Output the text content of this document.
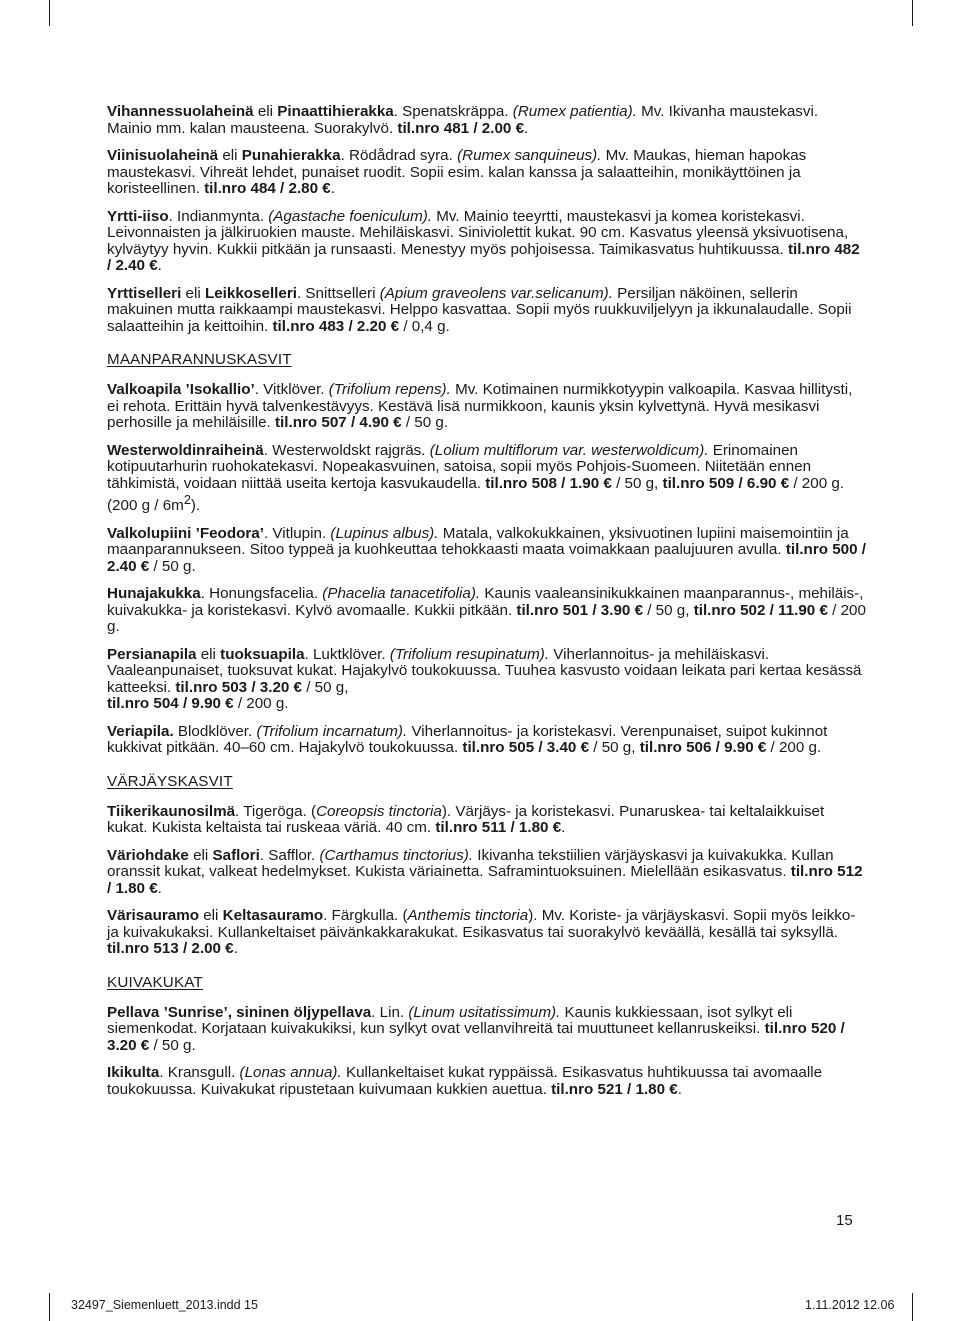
Vihannessuolaheinä eli Pinaattihierakka. Spenatskräppa. (Rumex patientia). Mv. Ikivanha maustekasvi. Mainio mm. kalan mausteena. Suorakylvö. til.nro 481 / 2.00 €.

Viinisuolaheinä eli Punahierakka. Rödådrad syra. (Rumex sanquineus). Mv. Maukas, hieman hapokas maustekasvi. Vihreät lehdet, punaiset ruodit. Sopii esim. kalan kanssa ja salaatteihin, monikäyttöinen ja koristeellinen. til.nro 484 / 2.80 €.

Yrtti-iiso. Indianmynta. (Agastache foeniculum). Mv. Mainio teeyrtti, maustekasvi ja komea koristekasvi. Leivonnaisten ja jälkiruokien mauste. Mehiläiskasvi. Siniviolettit kukat. 90 cm. Kasvatus yleensä yksivuotisena, kylväytyy hyvin. Kukkii pitkään ja runsaasti. Menestyy myös pohjoisessa. Taimikasvatus huhtikuussa. til.nro 482 / 2.40 €.

Yrttiselleri eli Leikkoselleri. Snittselleri (Apium graveolens var.selicanum). Persiljan näköinen, sellerin makuinen mutta raikkaampi maustekasvi. Helppo kasvattaa. Sopii myös ruukkuviljelyyn ja ikkunalaudalle. Sopii salaatteihin ja keittoihin. til.nro 483 / 2.20 € / 0,4 g.

MAANPARANNUSKASVIT

Valkoapila ’Isokallio’. Vitklöver. (Trifolium repens). Mv. Kotimainen nurmikkotyypin valkoapila. Kasvaa hillitysti, ei rehota. Erittäin hyvä talvenkestävyys. Kestävä lisä nurmikkoon, kaunis yksin kylvettynä. Hyvä mesikasvi perhosille ja mehiläisille. til.nro 507 / 4.90 € / 50 g.

Westerwoldinraiheinä. Westerwoldskt rajgräs. (Lolium multiflorum var. westerwoldicum). Erinomainen kotipuutarhurin ruohokatekasvi. Nopeakasvuinen, satoisa, sopii myös Pohjois-Suomeen. Niitetään ennen tähkimistä, voidaan niittää useita kertoja kasvukaudella. til.nro 508 / 1.90 € / 50 g, til.nro 509 / 6.90 € / 200 g. (200 g / $6m^2$).

Valkolupiini ’Feodora’. Vitlupin. (Lupinus albus). Matala, valkokukkainen, yksivuotinen lupiini maisemointiin ja maanparannukseen. Sitoo typpeä ja kuohkeuttaa tehokkaasti maata voimakkaan paalujuuren avulla. til.nro 500 / 2.40 € / 50 g.

Hunajakukka. Honungsfacelia. (Phacelia tanacetifolia). Kaunis vaaleansinikukkainen maanparannus-, mehiläis-, kuivakukka- ja koristekasvi. Kylvö avomaalle. Kukkii pitkään. til.nro 501 / 3.90 € / 50 g, til.nro 502 / 11.90 € / 200 g.

Persianapila eli tuoksuapila. Luktklöver. (Trifolium resupinatum). Viherlannoitus- ja mehiläiskasvi. Vaaleanpunaiset, tuoksuvat kukat. Hajakylvö toukokuussa. Tuuhea kasvusto voidaan leikata pari kertaa kesässä katteeksi. til.nro 503 / 3.20 € / 50 g,
til.nro 504 / 9.90 € / 200 g.

Veriapila. Blodklöver. (Trifolium incarnatum). Viherlannoitus- ja koristekasvi. Verenpunaiset, suipot kukinnot kukkivat pitkään. 40–60 cm. Hajakylvö toukokuussa. til.nro 505 / 3.40 € / 50 g, til.nro 506 / 9.90 € / 200 g.

VÄRJÄYSKASVIT

Tiikerikaunosilmä. Tigeröga. (Coreopsis tinctoria). Värjäys- ja koristekasvi. Punaruskea- tai keltalaikkuiset kukat. Kukista keltaista tai ruskeaa väriä. 40 cm. til.nro 511 / 1.80 €.

Väriohdake eli Saflori. Safflor. (Carthamus tinctorius). Ikivanha tekstiilien värjäyskasvi ja kuivakukka. Kullan oranssit kukat, valkeat hedelmykset. Kukista väriainetta. Saframintuoksuinen. Mielellään esikasvatus. til.nro 512 / 1.80 €.

Värisauramo eli Keltasauramo. Färgkulla. (Anthemis tinctoria). Mv. Koriste- ja värjäyskasvi. Sopii myös leikko- ja kuivakukaksi. Kullankeltaiset päivänkakkarakukat. Esikasvatus tai suorakylvö keväällä, kesällä tai syksyllä. til.nro 513 / 2.00 €.

KUIVAKUKAT

Pellava ’Sunrise’, sininen öljypellava. Lin. (Linum usitatissimum). Kaunis kukkiessaan, isot sylkyt eli siemenkodat. Korjataan kuivakukiksi, kun sylkyt ovat vellanvihreitä tai muuttuneet kellanruskeiksi. til.nro 520 / 3.20 € / 50 g.

Ikikulta. Kransgull. (Lonas annua). Kullankeltaiset kukat ryppäissä. Esikasvatus huhtikuussa tai avomaalle toukokuussa. Kuivakukat ripustetaan kuivumaan kukkien auettua. til.nro 521 / 1.80 €.

15
32497_Siemenluett_2013.indd 15	1.11.2012 12.06
